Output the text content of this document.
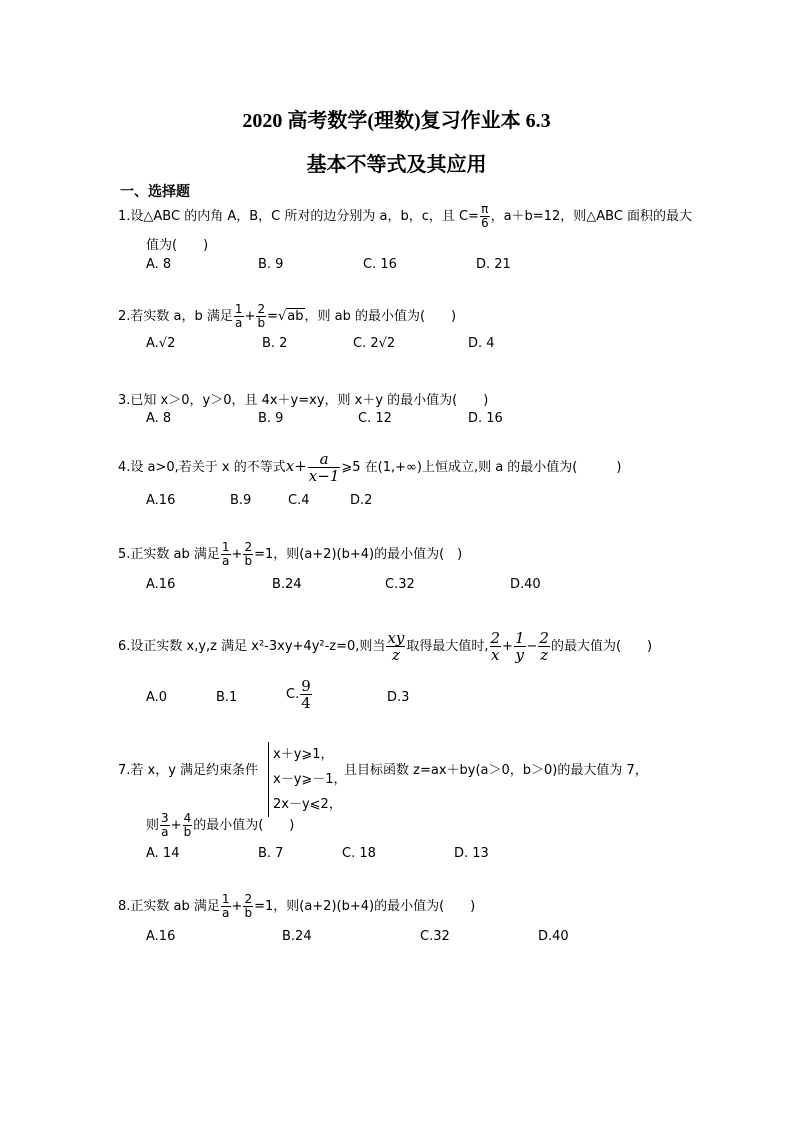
2020 高考数学(理数)复习作业本 6.3
基本不等式及其应用
一、选择题
1.设△ABC 的内角 A，B，C 所对的边分别为 a，b，c，且 $C= \frac{\pi}{6}$ ，a＋b=12，则△ABC 面积的最大
值为(　　)
A. 8	B. 9	C. 16	D. 21
2.若实数 a，b 满足 $\frac{1}{a} + \frac{2}{b} =√ab$，则 ab 的最小值为(　　)
A.√2	B. 2	C. 2√2	D. 4
3.已知 x＞0，y＞0，且 4x＋y=xy，则 x＋y 的最小值为(　　)
A. 8	B. 9	C. 12	D. 16
4.设 a>0,若关于 x 的不等式$x+ \frac{a}{x-1}$ ⩾5 在(1,+∞)上恒成立,则 a 的最小值为(　　　)
A.16	B.9	C.4	D.2
5.正实数 ab 满足 $\frac{1}{a} + \frac{2}{b} =1$，则(a+2)(b+4)的最小值为(　)
A.16	B.24	C.32	D.40
6.设正实数 x,y,z 满足 x²-3xy+4y²-z=0,则当 $\frac{xy}{z}$ 取得最大值时, $\frac{2}{x} + \frac{1}{y} - \frac{2}{z}$ 的最大值为(　　)
A.0	B.1	C. $\frac{9}{4}$	D.3
7.若 x，y 满足约束条件
x＋y⩾1，
x－y⩾－1，
2x－y⩽2，
且目标函数 z=ax＋by(a＞0，b＞0)的最大值为 7，
则 $\frac{3}{a} + \frac{4}{b}$ 的最小值为(　　)
A. 14	B. 7	C. 18	D. 13
8.正实数 ab 满足 $\frac{1}{a} + \frac{2}{b} =1$，则(a+2)(b+4)的最小值为(　　)
A.16	B.24	C.32	D.40
